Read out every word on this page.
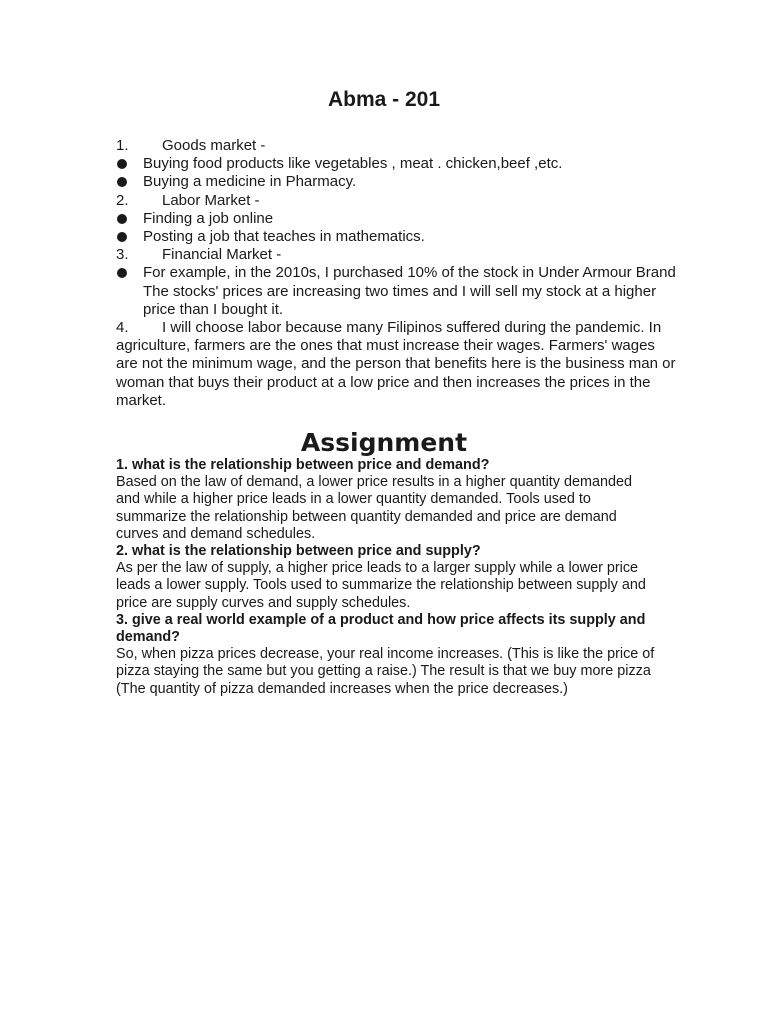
Abma - 201
1. Goods market -
Buying food products like vegetables , meat . chicken,beef ,etc.
Buying a medicine in Pharmacy.
2. Labor Market -
Finding a job online
Posting a job that teaches in mathematics.
3. Financial Market -
For example, in the 2010s, I purchased 10% of the stock in Under Armour Brand The stocks' prices are increasing two times and I will sell my stock at a higher price than I bought it.
4. I will choose labor because many Filipinos suffered during the pandemic. In agriculture, farmers are the ones that must increase their wages. Farmers' wages are not the minimum wage, and the person that benefits here is the business man or woman that buys their product at a low price and then increases the prices in the market.
Assignment

1. what is the relationship between price and demand?

Based on the law of demand, a lower price results in a higher quantity demanded and while a higher price leads in a lower quantity demanded. Tools used to summarize the relationship between quantity demanded and price are demand curves and demand schedules.

2. what is the relationship between price and supply?

As per the law of supply, a higher price leads to a larger supply while a lower price leads a lower supply. Tools used to summarize the relationship between supply and price are supply curves and supply schedules.

3. give a real world example of a product and how price affects its supply and demand?

So, when pizza prices decrease, your real income increases. (This is like the price of pizza staying the same but you getting a raise.) The result is that we buy more pizza (The quantity of pizza demanded increases when the price decreases.)
